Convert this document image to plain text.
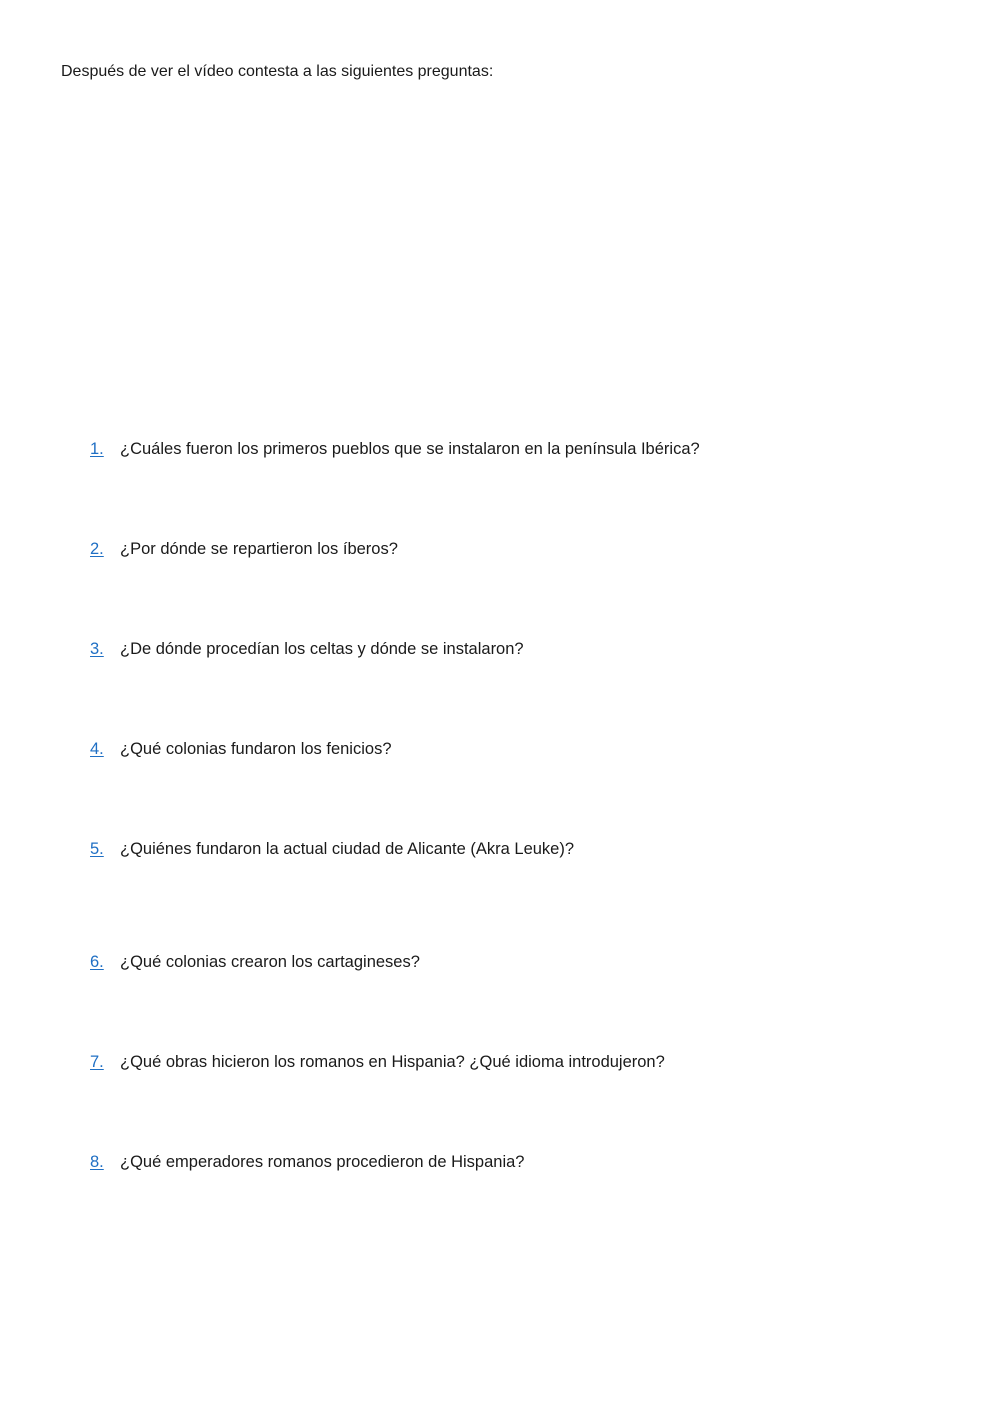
Después de ver el vídeo contesta a las siguientes preguntas:
1. ¿Cuáles fueron los primeros pueblos que se instalaron en la península Ibérica?
2. ¿Por dónde se repartieron los íberos?
3. ¿De dónde procedían los celtas y dónde se instalaron?
4. ¿Qué colonias fundaron los fenicios?
5. ¿Quiénes fundaron la actual ciudad de Alicante (Akra Leuke)?
6. ¿Qué colonias crearon los cartagineses?
7. ¿Qué obras hicieron los romanos en Hispania? ¿Qué idioma introdujeron?
8. ¿Qué emperadores romanos procedieron de Hispania?
